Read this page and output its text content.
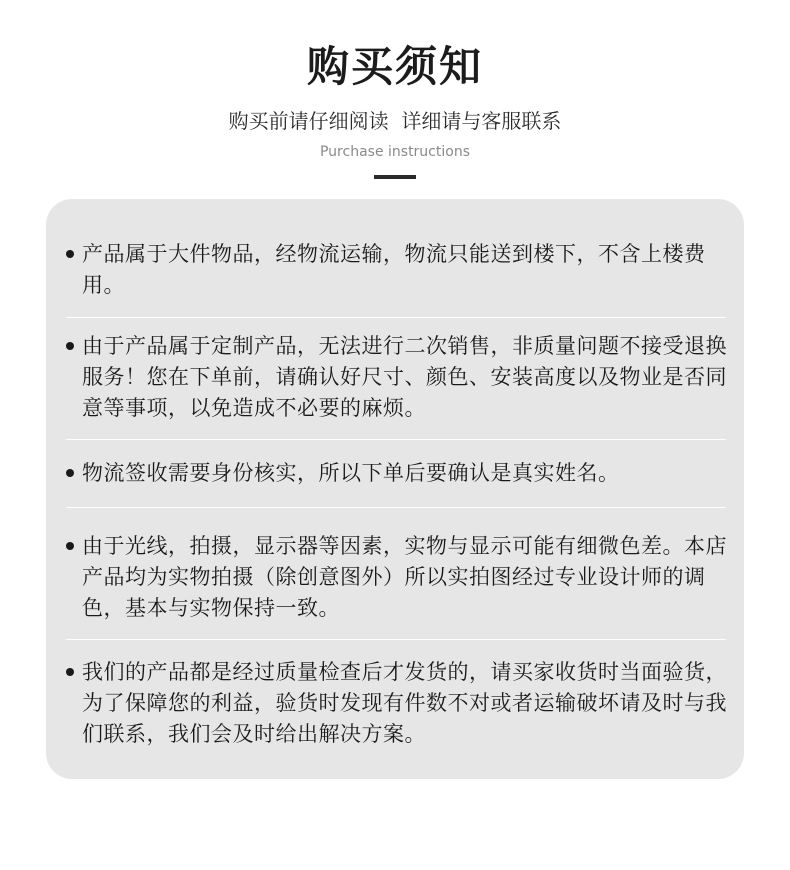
购买须知
购买前请仔细阅读  详细请与客服联系
Purchase instructions
产品属于大件物品，经物流运输，物流只能送到楼下，不含上楼费用。
由于产品属于定制产品，无法进行二次销售，非质量问题不接受退换服务！您在下单前，请确认好尺寸、颜色、安装高度以及物业是否同意等事项，以免造成不必要的麻烦。
物流签收需要身份核实，所以下单后要确认是真实姓名。
由于光线，拍摄，显示器等因素，实物与显示可能有细微色差。本店产品均为实物拍摄（除创意图外）所以实拍图经过专业设计师的调色，基本与实物保持一致。
我们的产品都是经过质量检查后才发货的，请买家收货时当面验货，为了保障您的利益，验货时发现有件数不对或者运输破坏请及时与我们联系，我们会及时给出解决方案。
